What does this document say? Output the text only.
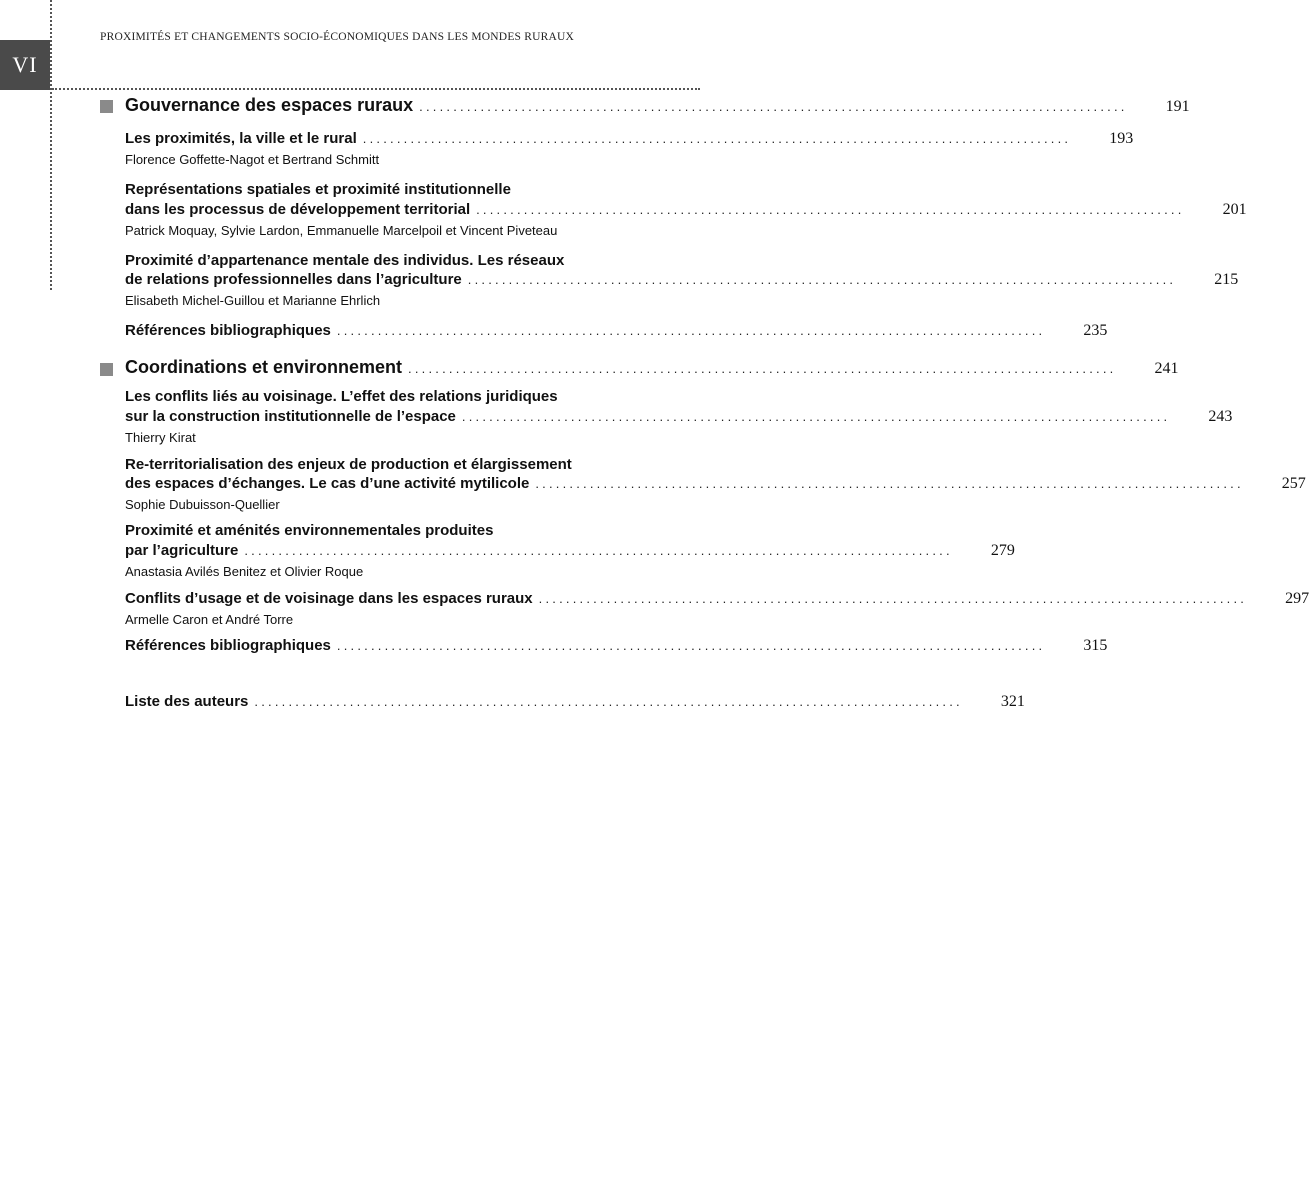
VI
PROXIMITÉS ET CHANGEMENTS SOCIO-ÉCONOMIQUES DANS LES MONDES RURAUX
Gouvernance des espaces ruraux ........................................................................................................	191
Les proximités, la ville et le rural ........................................................................................................	193
Florence Goffette-Nagot et Bertrand Schmitt
Représentations spatiales et proximité institutionnelle
dans les processus de développement territorial ........................................................................................................	201
Patrick Moquay, Sylvie Lardon, Emmanuelle Marcelpoil et Vincent Piveteau
Proximité d’appartenance mentale des individus. Les réseaux
de relations professionnelles dans l’agriculture ........................................................................................................	215
Elisabeth Michel-Guillou et Marianne Ehrlich
Références bibliographiques ........................................................................................................	235
Coordinations et environnement ........................................................................................................	241
Les conflits liés au voisinage. L’effet des relations juridiques
sur la construction institutionnelle de l’espace ........................................................................................................	243
Thierry Kirat
Re-territorialisation des enjeux de production et élargissement
des espaces d’échanges. Le cas d’une activité mytilicole ........................................................................................................	257
Sophie Dubuisson-Quellier
Proximité et aménités environnementales produites
par l’agriculture ........................................................................................................	279
Anastasia Avilés Benitez et Olivier Roque
Conflits d’usage et de voisinage dans les espaces ruraux ........................................................................................................	297
Armelle Caron et André Torre
Références bibliographiques ........................................................................................................	315
Liste des auteurs ........................................................................................................	321
